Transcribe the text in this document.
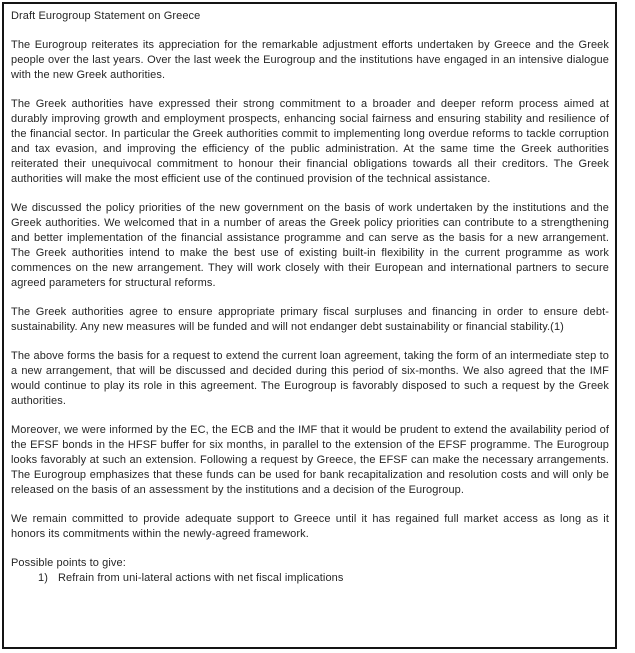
Draft Eurogroup Statement on Greece

The Eurogroup reiterates its appreciation for the remarkable adjustment efforts undertaken by Greece and the Greek people over the last years. Over the last week the Eurogroup and the institutions have engaged in an intensive dialogue with the new Greek authorities.

The Greek authorities have expressed their strong commitment to a broader and deeper reform process aimed at durably improving growth and employment prospects, enhancing social fairness and ensuring stability and resilience of the financial sector. In particular the Greek authorities commit to implementing long overdue reforms to tackle corruption and tax evasion, and improving the efficiency of the public administration. At the same time the Greek authorities reiterated their unequivocal commitment to honour their financial obligations towards all their creditors. The Greek authorities will make the most efficient use of the continued provision of the technical assistance.

We discussed the policy priorities of the new government on the basis of work undertaken by the institutions and the Greek authorities. We welcomed that in a number of areas the Greek policy priorities can contribute to a strengthening and better implementation of the financial assistance programme and can serve as the basis for a new arrangement. The Greek authorities intend to make the best use of existing built-in flexibility in the current programme as work commences on the new arrangement. They will work closely with their European and international partners to secure agreed parameters for structural reforms.

The Greek authorities agree to ensure appropriate primary fiscal surpluses and financing in order to ensure debt-sustainability. Any new measures will be funded and will not endanger debt sustainability or financial stability.(1)

The above forms the basis for a request to extend the current loan agreement, taking the form of an intermediate step to a new arrangement, that will be discussed and decided during this period of six-months. We also agreed that the IMF would continue to play its role in this agreement. The Eurogroup is favorably disposed to such a request by the Greek authorities.

Moreover, we were informed by the EC, the ECB and the IMF that it would be prudent to extend the availability period of the EFSF bonds in the HFSF buffer for six months, in parallel to the extension of the EFSF programme. The Eurogroup looks favorably at such an extension. Following a request by Greece, the EFSF can make the necessary arrangements. The Eurogroup emphasizes that these funds can be used for bank recapitalization and resolution costs and will only be released on the basis of an assessment by the institutions and a decision of the Eurogroup.

We remain committed to provide adequate support to Greece until it has regained full market access as long as it honors its commitments within the newly-agreed framework.

Possible points to give:

1) Refrain from uni-lateral actions with net fiscal implications
